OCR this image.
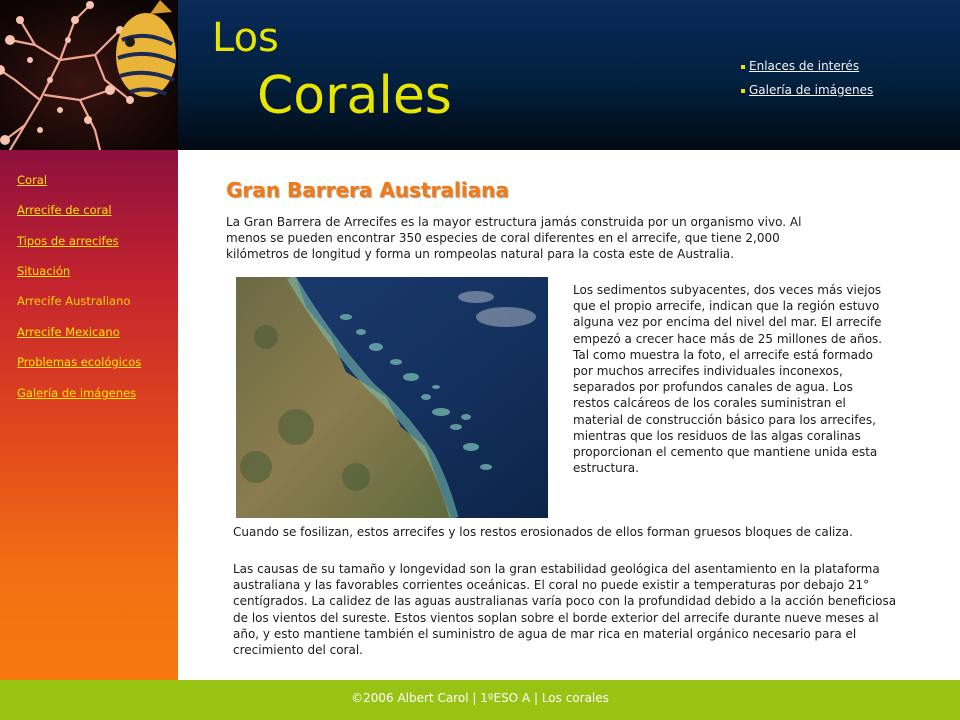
Los
Corales	Enlaces de interés
Galería de imágenes
Coral
Arrecife de coral
Tipos de arrecifes
Situación
Arrecife Australiano
Arrecife Mexicano
Problemas ecológicos
Galería de imágenes
Gran Barrera Australiana
La Gran Barrera de Arrecifes es la mayor estructura jamás construida por un organismo vivo. Al menos se pueden encontrar 350 especies de coral diferentes en el arrecife, que tiene 2,000 kilómetros de longitud y forma un rompeolas natural para la costa este de Australia.
Los sedimentos subyacentes, dos veces más viejos que el propio arrecife, indican que la región estuvo alguna vez por encima del nivel del mar. El arrecife empezó a crecer hace más de 25 millones de años. Tal como muestra la foto, el arrecife está formado por muchos arrecifes individuales inconexos, separados por profundos canales de agua. Los restos calcáreos de los corales suministran el material de construcción básico para los arrecifes, mientras que los residuos de las algas coralinas proporcionan el cemento que mantiene unida esta estructura.
Cuando se fosilizan, estos arrecifes y los restos erosionados de ellos forman gruesos bloques de caliza.
Las causas de su tamaño y longevidad son la gran estabilidad geológica del asentamiento en la plataforma australiana y las favorables corrientes oceánicas. El coral no puede existir a temperaturas por debajo 21° centígrados. La calidez de las aguas australianas varía poco con la profundidad debido a la acción beneficiosa de los vientos del sureste. Estos vientos soplan sobre el borde exterior del arrecife durante nueve meses al año, y esto mantiene también el suministro de agua de mar rica en material orgánico necesario para el crecimiento del coral.
©2006 Albert Carol | 1ºESO A | Los corales
